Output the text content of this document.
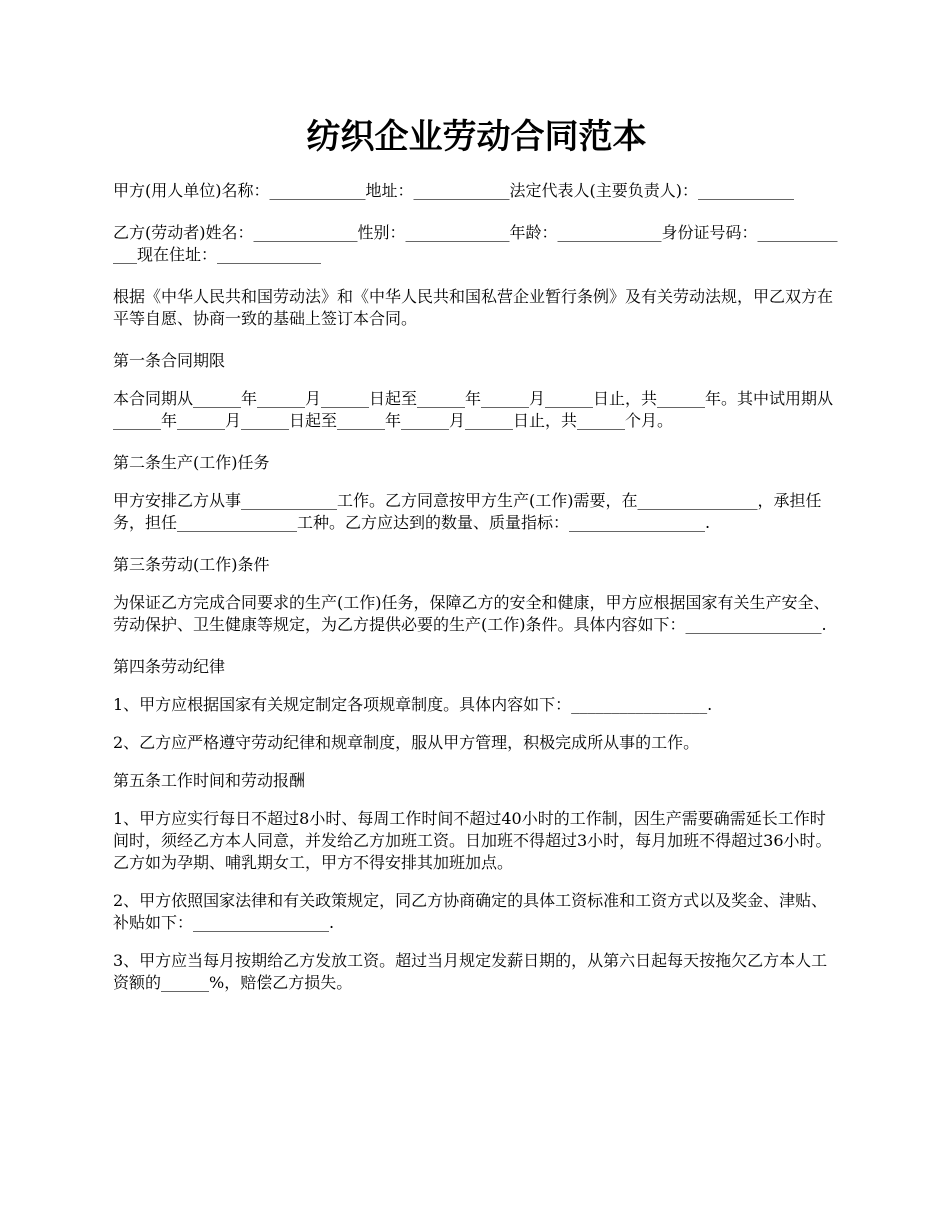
纺织企业劳动合同范本

甲方(用人单位)名称：____________地址：____________法定代表人(主要负责人)：____________

乙方(劳动者)姓名：_____________性别：_____________年龄：_____________身份证号码：_____________现在住址：_____________

根据《中华人民共和国劳动法》和《中华人民共和国私营企业暂行条例》及有关劳动法规，甲乙双方在平等自愿、协商一致的基础上签订本合同。

第一条合同期限

本合同期从______年______月______日起至______年______月______日止，共______年。其中试用期从______年______月______日起至______年______月______日止，共______个月。

第二条生产(工作)任务

甲方安排乙方从事____________工作。乙方同意按甲方生产(工作)需要，在_______________，承担任务，担任_______________工种。乙方应达到的数量、质量指标：_________________.

第三条劳动(工作)条件

为保证乙方完成合同要求的生产(工作)任务，保障乙方的安全和健康，甲方应根据国家有关生产安全、劳动保护、卫生健康等规定，为乙方提供必要的生产(工作)条件。具体内容如下：_________________.

第四条劳动纪律

1、甲方应根据国家有关规定制定各项规章制度。具体内容如下：_________________.

2、乙方应严格遵守劳动纪律和规章制度，服从甲方管理，积极完成所从事的工作。

第五条工作时间和劳动报酬

1、甲方应实行每日不超过8小时、每周工作时间不超过40小时的工作制，因生产需要确需延长工作时间时，须经乙方本人同意，并发给乙方加班工资。日加班不得超过3小时，每月加班不得超过36小时。乙方如为孕期、哺乳期女工，甲方不得安排其加班加点。

2、甲方依照国家法律和有关政策规定，同乙方协商确定的具体工资标准和工资方式以及奖金、津贴、补贴如下：_________________.

3、甲方应当每月按期给乙方发放工资。超过当月规定发薪日期的，从第六日起每天按拖欠乙方本人工资额的______%，赔偿乙方损失。
